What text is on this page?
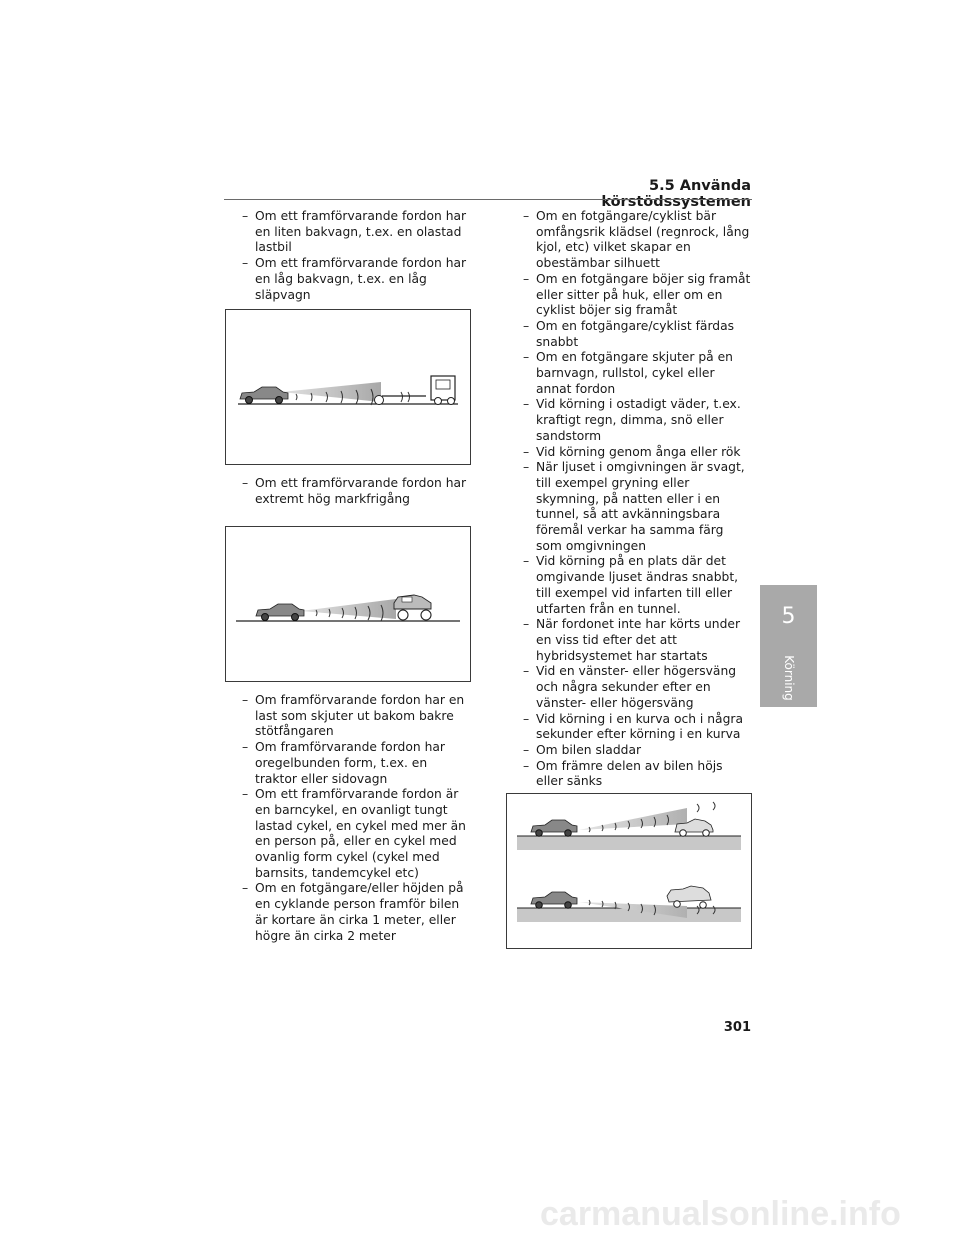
5.5 Använda körstödssystemen
– Om ett framförvarande fordon har en liten bakvagn, t.ex. en olastad lastbil
– Om ett framförvarande fordon har en låg bakvagn, t.ex. en låg släpvagn
– Om ett framförvarande fordon har extremt hög markfrigång
– Om framförvarande fordon har en last som skjuter ut bakom bakre stötfångaren
– Om framförvarande fordon har oregelbunden form, t.ex. en traktor eller sidovagn
– Om ett framförvarande fordon är en barncykel, en ovanligt tungt lastad cykel, en cykel med mer än en person på, eller en cykel med ovanlig form cykel (cykel med barnsits, tandemcykel etc)
– Om en fotgängare/eller höjden på en cyklande person framför bilen är kortare än cirka 1 meter, eller högre än cirka 2 meter
– Om en fotgängare/cyklist bär omfångsrik klädsel (regnrock, lång kjol, etc) vilket skapar en obestämbar silhuett
– Om en fotgängare böjer sig framåt eller sitter på huk, eller om en cyklist böjer sig framåt
– Om en fotgängare/cyklist färdas snabbt
– Om en fotgängare skjuter på en barnvagn, rullstol, cykel eller annat fordon
– Vid körning i ostadigt väder, t.ex. kraftigt regn, dimma, snö eller sandstorm
– Vid körning genom ånga eller rök
– När ljuset i omgivningen är svagt, till exempel gryning eller skymning, på natten eller i en tunnel, så att avkänningsbara föremål verkar ha samma färg som omgivningen
– Vid körning på en plats där det omgivande ljuset ändras snabbt, till exempel vid infarten till eller utfarten från en tunnel.
– När fordonet inte har körts under en viss tid efter det att hybridsystemet har startats
– Vid en vänster- eller högersväng och några sekunder efter en vänster- eller högersväng
– Vid körning i en kurva och i några sekunder efter körning i en kurva
– Om bilen sladdar
– Om främre delen av bilen höjs eller sänks
5
Körning
301
carmanualsonline.info
